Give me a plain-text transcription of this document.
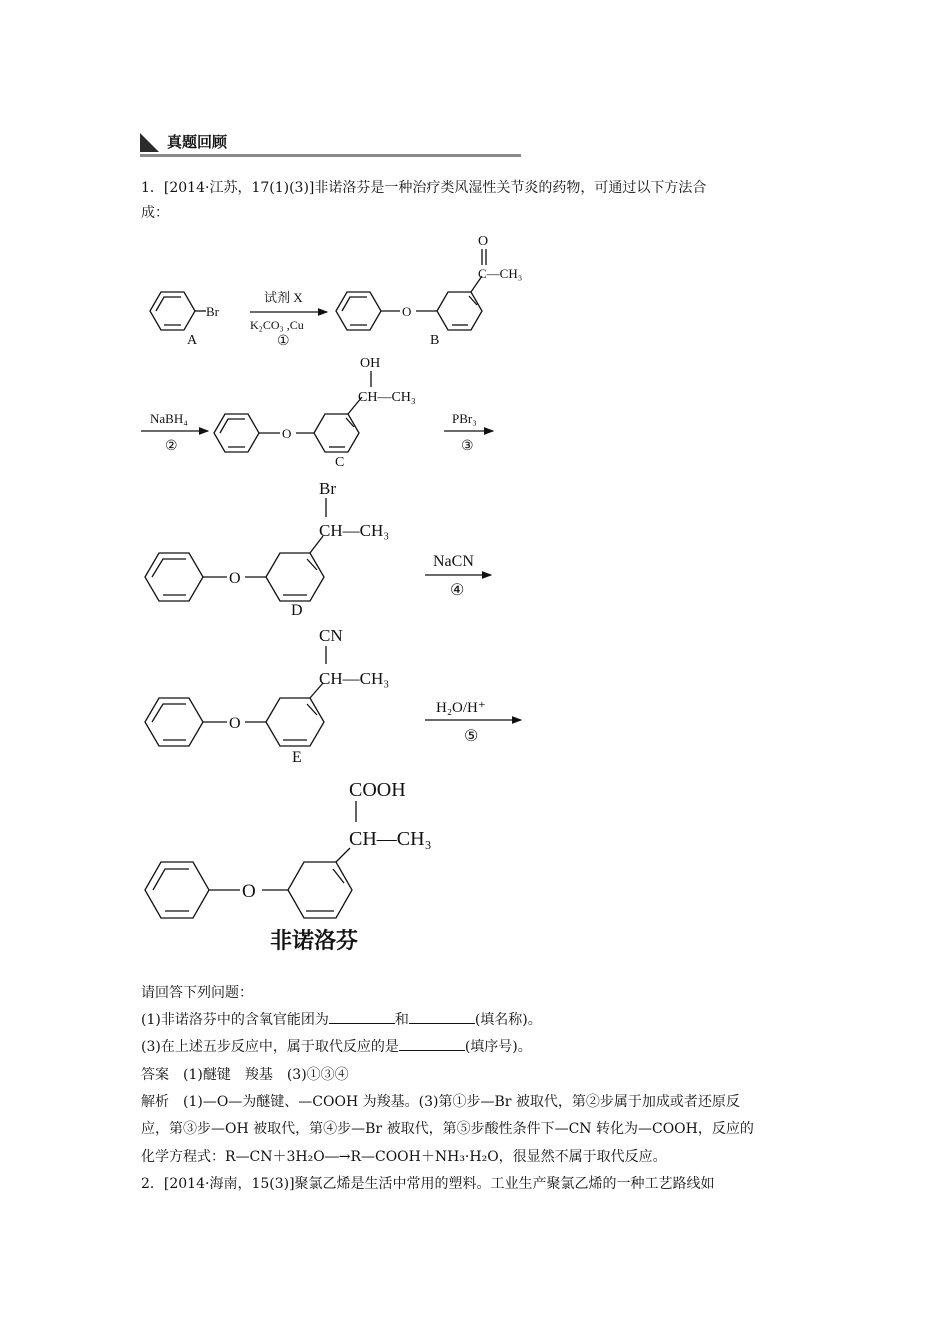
真题回顾
1．[2014·江苏，17(1)(3)]非诺洛芬是一种治疗类风湿性关节炎的药物，可通过以下方法合
成：
Br
A
试剂 X
K₂CO₃ ,Cu
①
O
O
C—CH₃
B
NaBH₄
②
O
OH
CH—CH₃
C
PBr₃
③
Br
CH—CH₃
O
D
NaCN
④
CN
CH—CH₃
O
E
H₂O/H⁺
⑤
COOH
CH—CH₃
O
非诺洛芬
请回答下列问题：
(1)非诺洛芬中的含氧官能团为	和	(填名称)。
(3)在上述五步反应中，属于取代反应的是	(填序号)。
答案　(1)醚键　羧基　(3)①③④
解析　(1)—O—为醚键、—COOH 为羧基。(3)第①步—Br 被取代，第②步属于加成或者还原反
应，第③步—OH 被取代，第④步—Br 被取代，第⑤步酸性条件下—CN 转化为—COOH，反应的
化学方程式：R—CN＋3H₂O―→R—COOH＋NH₃·H₂O，很显然不属于取代反应。
2．[2014·海南，15(3)]聚氯乙烯是生活中常用的塑料。工业生产聚氯乙烯的一种工艺路线如
